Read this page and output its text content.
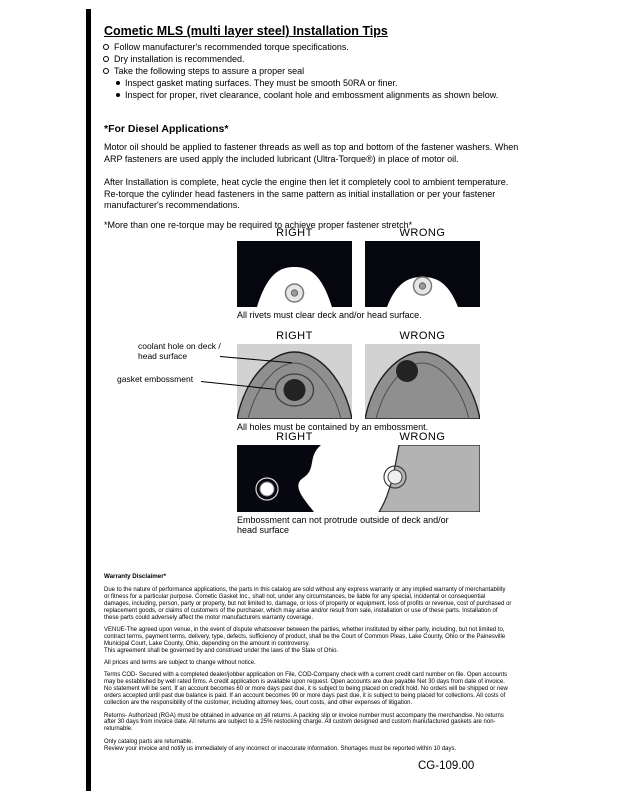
Cometic MLS (multi layer steel) Installation Tips
Follow manufacturer's recommended torque specifications.
Dry installation is recommended.
Take the following steps to assure a proper seal
Inspect gasket mating surfaces. They must be smooth 50RA or finer.
Inspect for proper, rivet clearance, coolant hole and embossment alignments as shown below.
*For Diesel Applications*

Motor oil should be applied to fastener threads as well as top and bottom of the fastener washers. When ARP fasteners are used apply the included lubricant (Ultra-Torque®) in place of motor oil.

After Installation is complete, heat cycle the engine then let it completely cool to ambient temperature. Re-torque the cylinder head fasteners in the same pattern as initial installation or per your fastener manufacturer's recommendations.

*More than one re-torque may be required to achieve proper fastener stretch*

RIGHT	WRONG
All rivets must clear deck and/or head surface.
RIGHT	WRONG
All holes must be contained by an embossment.
coolant hole on deck / head surface
gasket embossment
RIGHT	WRONG
Embossment can not protrude outside of deck and/or head surface
Warranty Disclaimer*

Due to the nature of performance applications, the parts in this catalog are sold without any express warranty or any implied warranty of merchantability or fitness for a particular purpose. Cometic Gasket Inc., shall not, under any circumstances, be liable for any special, incidental or consequential damages, including, person, party or property, but not limited to, damage, or loss of property or equipment, loss of profits or revenue, cost of purchased or replacement goods, or claims of customers of the purchaser, which may arise and/or result from sale, installation or use of these parts. Installation of these parts could adversely affect the motor manufacturers warranty coverage.

VENUE-The agreed upon venue, in the event of dispute whatsoever between the parties, whether instituted by either party, including, but not limited to, contract terms, payment terms, delivery, type, defects, sufficiency of product, shall be the Court of Common Pleas, Lake County, Ohio or the Painesville Municipal Court, Lake County, Ohio, depending on the amount in controversy.

This agreement shall be governed by and construed under the laws of the State of Ohio.

All prices and terms are subject to change without notice.

Terms COD- Secured with a completed dealer/jobber application on File, COD-Company check with a current credit card number on file. Open accounts may be established by well rated firms. A credit application is available upon request. Open accounts are due payable Net 30 days from date of invoice. No statement will be sent. If an account becomes 60 or more days past due, it is subject to being placed on credit hold. No orders will be shipped or new orders accepted until past due balance is paid. If an account becomes 90 or more days past due, it is subject to being placed for collections. All costs of collection are the responsibility of the customer, including attorney fees, court costs, and other expenses of litigation.

Returns- Authorized (RGA) must be obtained in advance on all returns. A packing slip or invoice number must accompany the merchandise. No returns after 30 days from invoice date. All returns are subject to a 25% restocking charge. All custom designed and custom manufactured gaskets are non-returnable.

Only catalog parts are returnable.

Review your invoice and notify us immediately of any incorrect or inaccurate information. Shortages must be reported within 10 days.

CG-109.00
